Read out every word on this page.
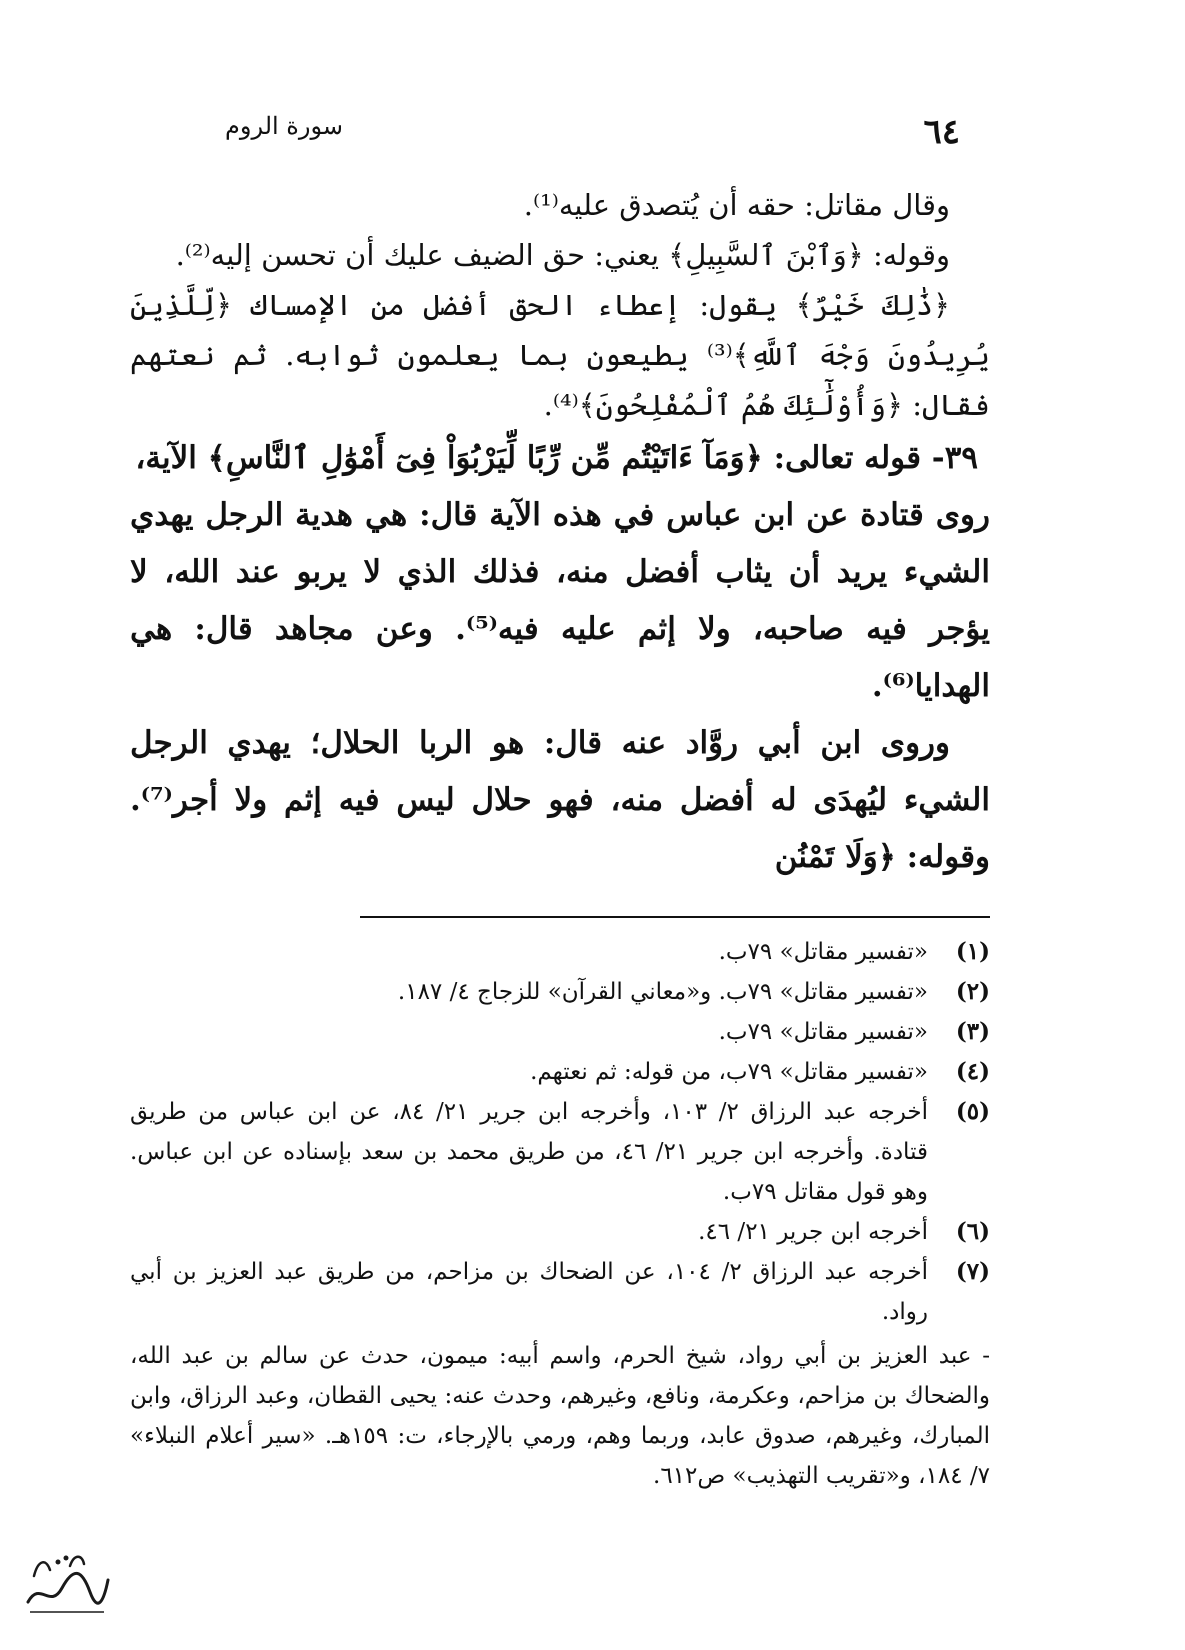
٦٤
سورة الروم

وقال مقاتل: حقه أن يُتصدق عليه⁽¹⁾.

وقوله: ﴿وَٱبْنَ ٱلسَّبِيلِ﴾ يعني: حق الضيف عليك أن تحسن إليه⁽²⁾.

﴿ذَٰلِكَ خَيْرٌ﴾ يقول: إعطاء الحق أفضل من الإمساك ﴿لِّلَّذِينَ يُرِيدُونَ وَجْهَ ٱللَّهِ﴾⁽³⁾ يطيعون بما يعلمون ثوابه. ثم نعتهم فقال: ﴿وَأُوْلَٰٓئِكَ هُمُ ٱلْمُفْلِحُونَ﴾⁽⁴⁾.

٣٩- قوله تعالى: ﴿وَمَآ ءَاتَيْتُم مِّن رِّبًا لِّيَرْبُوَاْ فِىٓ أَمْوَٰلِ ٱلنَّاسِ﴾ الآية،

روى قتادة عن ابن عباس في هذه الآية قال: هي هدية الرجل يهدي الشيء يريد أن يثاب أفضل منه، فذلك الذي لا يربو عند الله، لا يؤجر فيه صاحبه، ولا إثم عليه فيه⁽⁵⁾. وعن مجاهد قال: هي الهدايا⁽⁶⁾.

وروى ابن أبي روَّاد عنه قال: هو الربا الحلال؛ يهدي الرجل الشيء ليُهدَى له أفضل منه، فهو حلال ليس فيه إثم ولا أجر⁽⁷⁾. وقوله: ﴿وَلَا تَمْنُن

(١)
«تفسير مقاتل» ٧٩ب.
(٢)
«تفسير مقاتل» ٧٩ب. و«معاني القرآن» للزجاج ٤/ ١٨٧.
(٣)
«تفسير مقاتل» ٧٩ب.
(٤)
«تفسير مقاتل» ٧٩ب، من قوله: ثم نعتهم.
(٥)
أخرجه عبد الرزاق ٢/ ١٠٣، وأخرجه ابن جرير ٢١/ ٨٤، عن ابن عباس من طريق قتادة. وأخرجه ابن جرير ٢١/ ٤٦، من طريق محمد بن سعد بإسناده عن ابن عباس. وهو قول مقاتل ٧٩ب.
(٦)
أخرجه ابن جرير ٢١/ ٤٦.
(٧)
أخرجه عبد الرزاق ٢/ ١٠٤، عن الضحاك بن مزاحم، من طريق عبد العزيز بن أبي رواد.
- عبد العزيز بن أبي رواد، شيخ الحرم، واسم أبيه: ميمون، حدث عن سالم بن عبد الله، والضحاك بن مزاحم، وعكرمة، ونافع، وغيرهم، وحدث عنه: يحيى القطان، وعبد الرزاق، وابن المبارك، وغيرهم، صدوق عابد، وربما وهم، ورمي بالإرجاء، ت: ١٥٩هـ. «سير أعلام النبلاء» ٧/ ١٨٤، و«تقريب التهذيب» ص٦١٢.
